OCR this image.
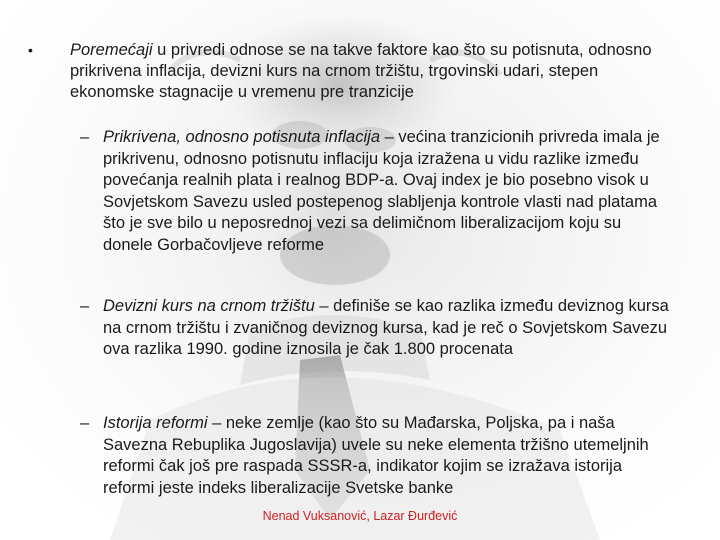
• Poremećaji u privredi odnose se na takve faktore kao što su potisnuta, odnosno prikrivena inflacija, devizni kurs na crnom tržištu, trgovinski udari, stepen ekonomske stagnacije u vremenu pre tranzicije
– Prikrivena, odnosno potisnuta inflacija – većina tranzicionih privreda imala je prikrivenu, odnosno potisnutu inflaciju koja izražena u vidu razlike između povećanja realnih plata i realnog BDP-a. Ovaj index je bio posebno visok u Sovjetskom Savezu usled postepenog slabljenja kontrole vlasti nad platama što je sve bilo u neposrednoj vezi sa delimičnom liberalizacijom koju su donele Gorbačovljeve reforme
– Devizni kurs na crnom tržištu – definiše se kao razlika između deviznog kursa na crnom tržištu i zvaničnog deviznog kursa, kad je reč o Sovjetskom Savezu ova razlika 1990. godine iznosila je čak 1.800 procenata
– Istorija reformi – neke zemlje (kao što su Mađarska, Poljska, pa i naša Savezna Rebuplika Jugoslavija) uvele su neke elementa tržišno utemeljnih reformi čak još pre raspada SSSR-a, indikator kojim se izražava istorija reformi jeste indeks liberalizacije Svetske banke
Nenad Vuksanović, Lazar Đurđević
